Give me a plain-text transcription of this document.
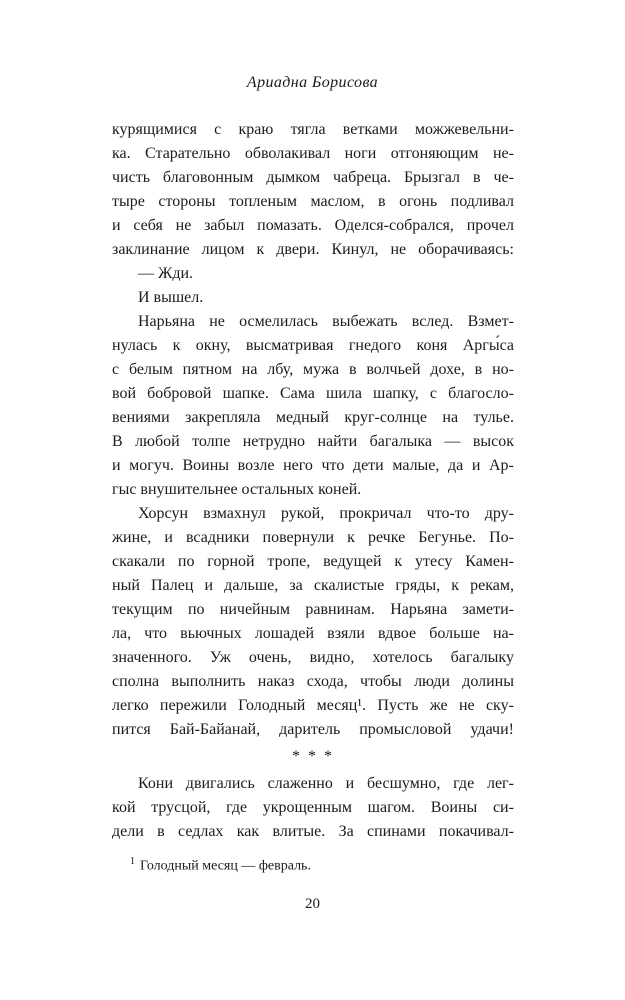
Ариадна Борисова
курящимися с краю тягла ветками можжевельни-
ка. Старательно обволакивал ноги отгоняющим не-
чисть благовонным дымком чабреца. Брызгал в че-
тыре стороны топленым маслом, в огонь подливал
и себя не забыл помазать. Оделся-собрался, прочел
заклинание лицом к двери. Кинул, не оборачиваясь:
— Жди.
И вышел.
Нарьяна не осмелилась выбежать вслед. Взмет-
нулась к окну, высматривая гнедого коня Аргы́са
с белым пятном на лбу, мужа в волчьей дохе, в но-
вой бобровой шапке. Сама шила шапку, с благосло-
вениями закрепляла медный круг-солнце на тулье.
В любой толпе нетрудно найти багалыка — высок
и могуч. Воины возле него что дети малые, да и Ар-
гыс внушительнее остальных коней.
Хорсун взмахнул рукой, прокричал что-то дру-
жине, и всадники повернули к речке Бегунье. По-
скакали по горной тропе, ведущей к утесу Камен-
ный Палец и дальше, за скалистые гряды, к рекам,
текущим по ничейным равнинам. Нарьяна замети-
ла, что вьючных лошадей взяли вдвое больше на-
значенного. Уж очень, видно, хотелось багалыку
сполна выполнить наказ схода, чтобы люди долины
легко пережили Голодный месяц¹. Пусть же не ску-
пится Бай-Байанай, даритель промысловой удачи!
* * *
Кони двигались слаженно и бесшумно, где лег-
кой трусцой, где укрощенным шагом. Воины си-
дели в седлах как влитые. За спинами покачивал-
$^1$ Голодный месяц — февраль.
20
